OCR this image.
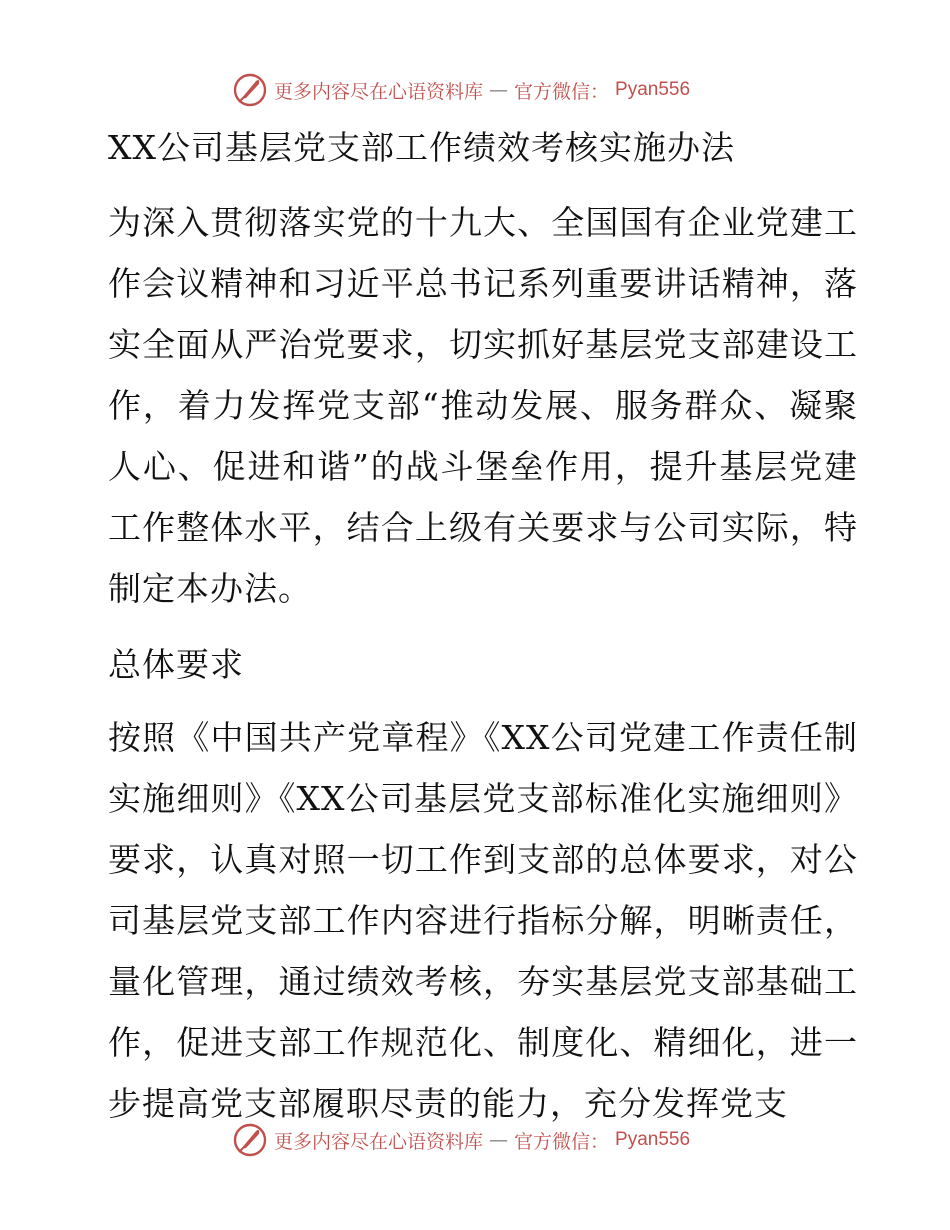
更多内容尽在心语资料库 — 官方微信： Pyan556
XX公司基层党支部工作绩效考核实施办法

为深入贯彻落实党的十九大、全国国有企业党建工作会议精神和习近平总书记系列重要讲话精神，落实全面从严治党要求，切实抓好基层党支部建设工作，着力发挥党支部“推动发展、服务群众、凝聚人心、促进和谐”的战斗堡垒作用，提升基层党建工作整体水平，结合上级有关要求与公司实际，特制定本办法。

总体要求

按照《中国共产党章程》《XX公司党建工作责任制实施细则》《XX公司基层党支部标准化实施细则》要求，认真对照一切工作到支部的总体要求，对公司基层党支部工作内容进行指标分解，明晰责任，量化管理，通过绩效考核，夯实基层党支部基础工作，促进支部工作规范化、制度化、精细化，进一步提高党支部履职尽责的能力，充分发挥党支

更多内容尽在心语资料库 — 官方微信： Pyan556
